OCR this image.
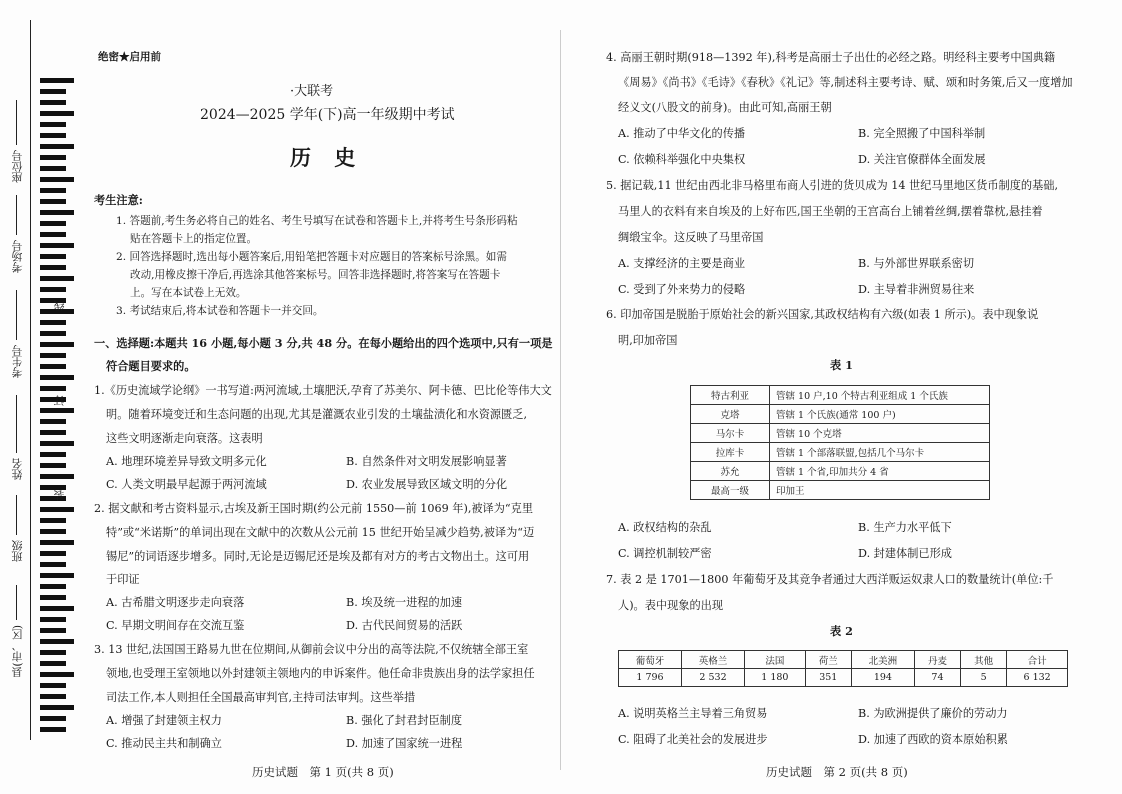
座位号
考场号
考生号
姓名
班级
县(市、区)
线
订
装
绝密★启用前
·大联考
2024—2025 学年(下)高一年级期中考试
历 史
考生注意:
1. 答题前,考生务必将自己的姓名、考生号填写在试卷和答题卡上,并将考生号条形码粘
贴在答题卡上的指定位置。
2. 回答选择题时,选出每小题答案后,用铅笔把答题卡对应题目的答案标号涂黑。如需
改动,用橡皮擦干净后,再选涂其他答案标号。回答非选择题时,将答案写在答题卡
上。写在本试卷上无效。
3. 考试结束后,将本试卷和答题卡一并交回。
一、选择题:本题共 16 小题,每小题 3 分,共 48 分。在每小题给出的四个选项中,只有一项是
符合题目要求的。
1.《历史流域学论纲》一书写道:两河流域,土壤肥沃,孕育了苏美尔、阿卡德、巴比伦等伟大文
明。随着环境变迁和生态问题的出现,尤其是灌溉农业引发的土壤盐渍化和水资源匮乏,
这些文明逐渐走向衰落。这表明
A. 地理环境差异导致文明多元化	B. 自然条件对文明发展影响显著
C. 人类文明最早起源于两河流域	D. 农业发展导致区域文明的分化
2. 据文献和考古资料显示,古埃及新王国时期(约公元前 1550—前 1069 年),被译为“克里
特”或“米诺斯”的单词出现在文献中的次数从公元前 15 世纪开始呈减少趋势,被译为“迈
锡尼”的词语逐步增多。同时,无论是迈锡尼还是埃及都有对方的考古文物出土。这可用
于印证
A. 古希腊文明逐步走向衰落	B. 埃及统一进程的加速
C. 早期文明间存在交流互鉴	D. 古代民间贸易的活跃
3. 13 世纪,法国国王路易九世在位期间,从御前会议中分出的高等法院,不仅统辖全部王室
领地,也受理王室领地以外封建领主领地内的申诉案件。他任命非贵族出身的法学家担任
司法工作,本人则担任全国最高审判官,主持司法审判。这些举措
A. 增强了封建领主权力	B. 强化了封君封臣制度
C. 推动民主共和制确立	D. 加速了国家统一进程
历史试题　第 1 页(共 8 页)
4. 高丽王朝时期(918—1392 年),科考是高丽士子出仕的必经之路。明经科主要考中国典籍
《周易》《尚书》《毛诗》《春秋》《礼记》等,制述科主要考诗、赋、颂和时务策,后又一度增加
经义文(八股文的前身)。由此可知,高丽王朝
A. 推动了中华文化的传播	B. 完全照搬了中国科举制
C. 依赖科举强化中央集权	D. 关注官僚群体全面发展
5. 据记载,11 世纪由西北非马格里布商人引进的货贝成为 14 世纪马里地区货币制度的基础,
马里人的衣料有来自埃及的上好布匹,国王坐朝的王宫高台上铺着丝绸,摆着靠枕,悬挂着
绸缎宝伞。这反映了马里帝国
A. 支撑经济的主要是商业	B. 与外部世界联系密切
C. 受到了外来势力的侵略	D. 主导着非洲贸易往来
6. 印加帝国是脱胎于原始社会的新兴国家,其政权结构有六级(如表 1 所示)。表中现象说
明,印加帝国
表 1
特古利亚	管辖 10 户,10 个特古利亚组成 1 个氏族
克塔	管辖 1 个氏族(通常 100 户)
马尔卡	管辖 10 个克塔
拉库卡	管辖 1 个部落联盟,包括几个马尔卡
苏允	管辖 1 个省,印加共分 4 省
最高一级	印加王
A. 政权结构的杂乱	B. 生产力水平低下
C. 调控机制较严密	D. 封建体制已形成
7. 表 2 是 1701—1800 年葡萄牙及其竞争者通过大西洋贩运奴隶人口的数量统计(单位:千
人)。表中现象的出现
表 2
葡萄牙	英格兰	法国	荷兰	北美洲	丹麦	其他	合计
1 796	2 532	1 180	351	194	74	5	6 132
A. 说明英格兰主导着三角贸易	B. 为欧洲提供了廉价的劳动力
C. 阻碍了北美社会的发展进步	D. 加速了西欧的资本原始积累
历史试题　第 2 页(共 8 页)
